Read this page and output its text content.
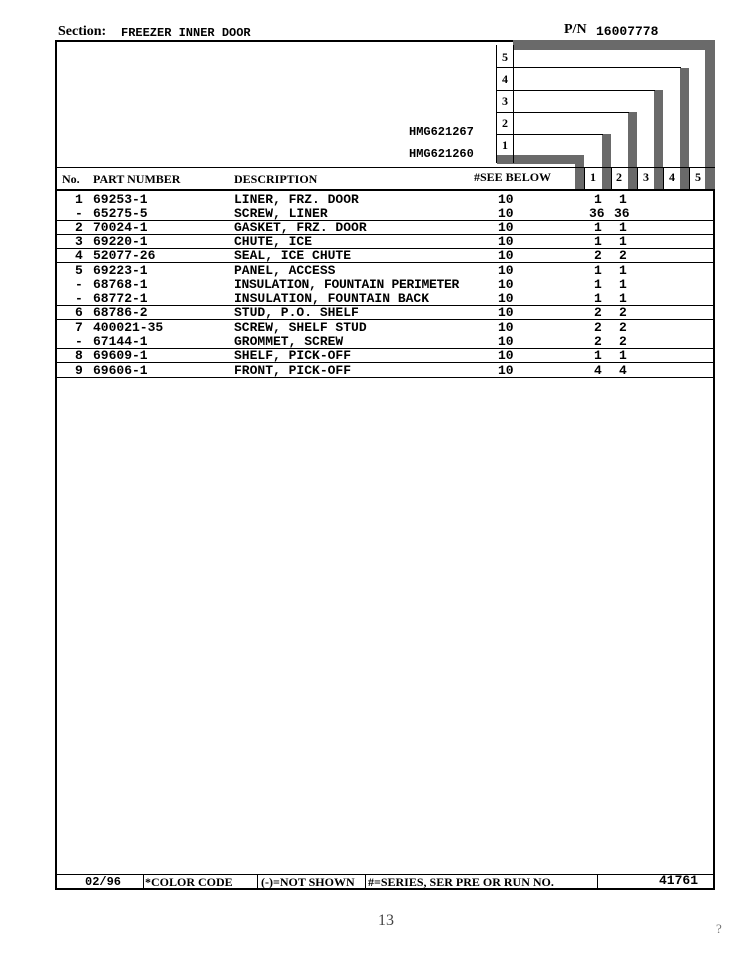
Section: FREEZER INNER DOOR	P/N 16007778
5
4
3
2
1
HMG621267
HMG621260
No. PART NUMBER	DESCRIPTION	#SEE BELOW	1 2 3 4 5
1 69253-1	LINER, FRZ. DOOR	10	1 1
- 65275-5	SCREW, LINER	10	36 36
2 70024-1	GASKET, FRZ. DOOR	10	1 1
3 69220-1	CHUTE, ICE	10	1 1
4 52077-26	SEAL, ICE CHUTE	10	2 2
5 69223-1	PANEL, ACCESS	10	1 1
- 68768-1	INSULATION, FOUNTAIN PERIMETER	10	1 1
- 68772-1	INSULATION, FOUNTAIN BACK	10	1 1
6 68786-2	STUD, P.O. SHELF	10	2 2
7 400021-35	SCREW, SHELF STUD	10	2 2
- 67144-1	GROMMET, SCREW	10	2 2
8 69609-1	SHELF, PICK-OFF	10	1 1
9 69606-1	FRONT, PICK-OFF	10	4 4
02/96 *COLOR CODE (-)=NOT SHOWN #=SERIES, SER PRE OR RUN NO.	41761
13	?
